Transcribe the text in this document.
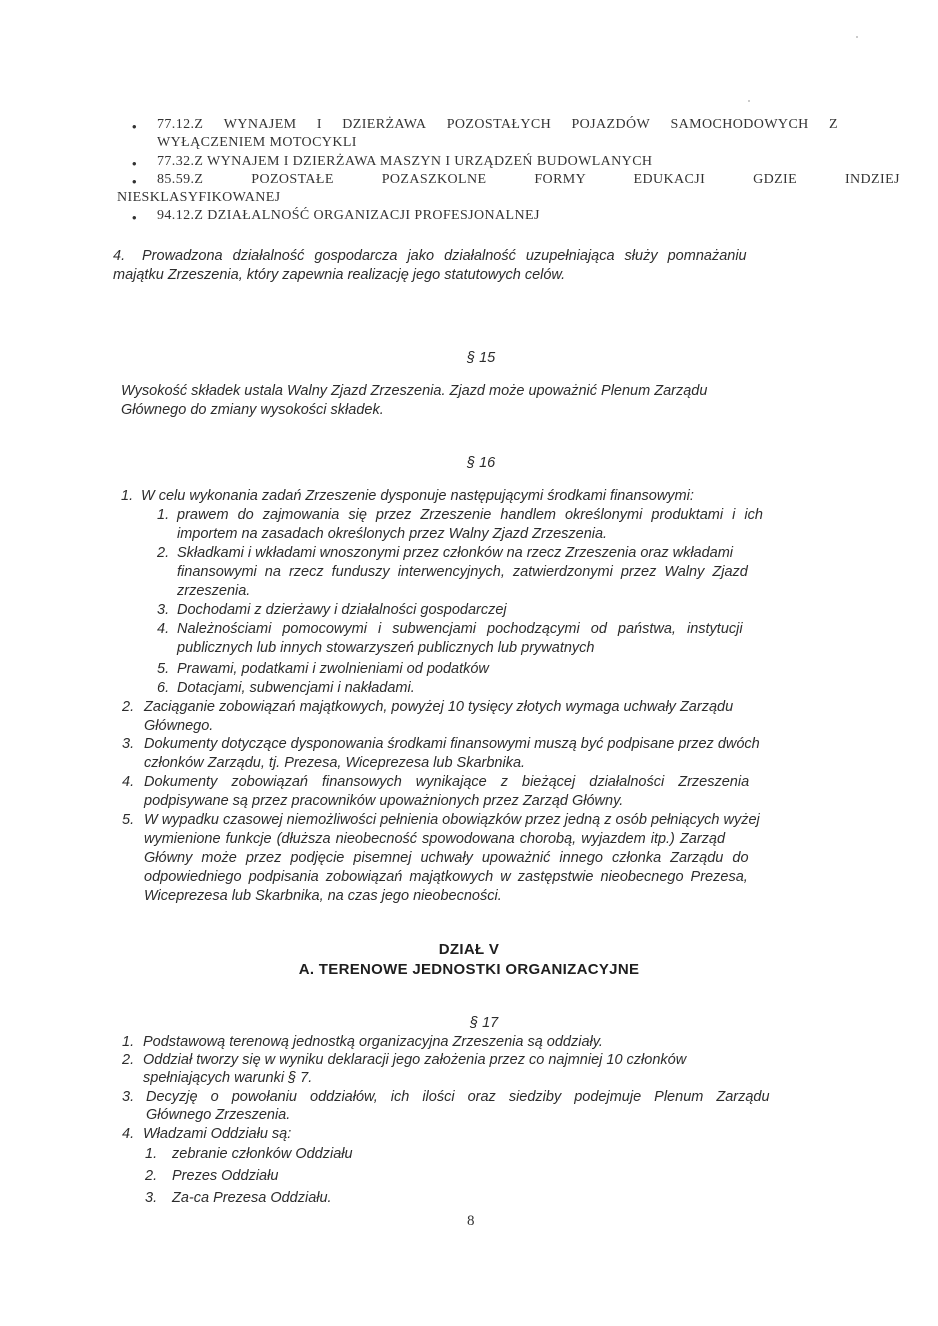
• 77.12.Z WYNAJEM I DZIERŻAWA POZOSTAŁYCH POJAZDÓW SAMOCHODOWYCH Z
WYŁĄCZENIEM MOTOCYKLI
• 77.32.Z WYNAJEM I DZIERŻAWA MASZYN I URZĄDZEŃ BUDOWLANYCH
• 85.59.Z POZOSTAŁE POZASZKOLNE FORMY EDUKACJI GDZIE INDZIEJ
NIESKLASYFIKOWANEJ
• 94.12.Z DZIAŁALNOŚĆ ORGANIZACJI PROFESJONALNEJ
4. Prowadzona działalność gospodarcza jako działalność uzupełniająca służy pomnażaniu
majątku Zrzeszenia, który zapewnia realizację jego statutowych celów.
§ 15
Wysokość składek ustala Walny Zjazd Zrzeszenia. Zjazd może upoważnić Plenum Zarządu
Głównego do zmiany wysokości składek.
§ 16
1. W celu wykonania zadań Zrzeszenie dysponuje następującymi środkami finansowymi:
1. prawem do zajmowania się przez Zrzeszenie handlem określonymi produktami i ich
importem na zasadach określonych przez Walny Zjazd Zrzeszenia.
2. Składkami i wkładami wnoszonymi przez członków na rzecz Zrzeszenia oraz wkładami
finansowymi na rzecz funduszy interwencyjnych, zatwierdzonymi przez Walny Zjazd
zrzeszenia.
3. Dochodami z dzierżawy i działalności gospodarczej
4. Należnościami pomocowymi i subwencjami pochodzącymi od państwa, instytucji
publicznych lub innych stowarzyszeń publicznych lub prywatnych
5. Prawami, podatkami i zwolnieniami od podatków
6. Dotacjami, subwencjami i nakładami.
2. Zaciąganie zobowiązań majątkowych, powyżej 10 tysięcy złotych wymaga uchwały Zarządu
Głównego.
3. Dokumenty dotyczące dysponowania środkami finansowymi muszą być podpisane przez dwóch
członków Zarządu, tj. Prezesa, Wiceprezesa lub Skarbnika.
4. Dokumenty zobowiązań finansowych wynikające z bieżącej działalności Zrzeszenia
podpisywane są przez pracowników upoważnionych przez Zarząd Główny.
5. W wypadku czasowej niemożliwości pełnienia obowiązków przez jedną z osób pełniących wyżej
wymienione funkcje (dłuższa nieobecność spowodowana chorobą, wyjazdem itp.) Zarząd
Główny może przez podjęcie pisemnej uchwały upoważnić innego członka Zarządu do
odpowiedniego podpisania zobowiązań majątkowych w zastępstwie nieobecnego Prezesa,
Wiceprezesa lub Skarbnika, na czas jego nieobecności.
DZIAŁ V
A. TERENOWE JEDNOSTKI ORGANIZACYJNE
§ 17
1. Podstawową terenową jednostką organizacyjna Zrzeszenia są oddziały.
2. Oddział tworzy się w wyniku deklaracji jego założenia przez co najmniej 10 członków
spełniających warunki § 7.
3. Decyzję o powołaniu oddziałów, ich ilości oraz siedziby podejmuje Plenum Zarządu
Głównego Zrzeszenia.
4. Władzami Oddziału są:
1. zebranie członków Oddziału
2. Prezes Oddziału
3. Za-ca Prezesa Oddziału.
8
